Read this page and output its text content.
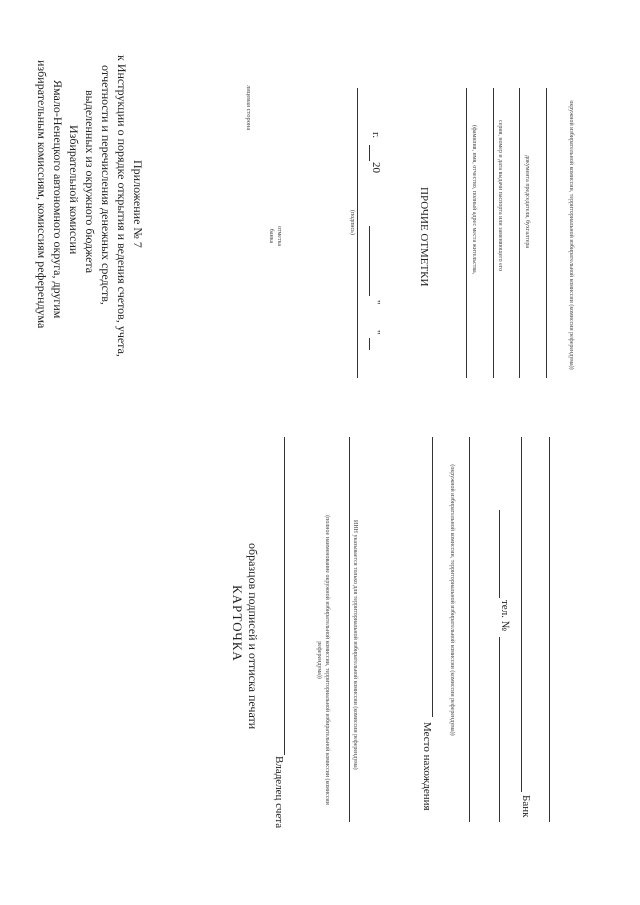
Приложение № 7
к Инструкции о порядке открытия и ведения счетов, учета,
отчетности и перечисления денежных средств,
выделенных из окружного бюджета
Избирательной комиссии
Ямало-Ненецкого автономного округа, другим
избирательным комиссиям, комиссиям референдума	лицевая сторона
отметка банка
"
"
20
г.
(подпись)	ПРОЧИЕ ОТМЕТКИ	(фамилия, имя, отчество, полный адрес места жительства,	серия, номер и дата выдачи паспорта или заменяющего его	документа председателя, бухгалтера	окружной избирательной комиссии, территориальной избирательной комиссии (комиссии референдума))
КАРТОЧКА образцов подписей и оттиска печати
Владелец счета	(полное наименование окружной избирательной комиссии, территориальной избирательной комиссии (комиссии референдума))	ИНН указывается только для территориальной избирательной комиссии (комиссии референдума)	Место нахождения
(окружной избирательной комиссии, территориальной избирательной комиссии (комиссии референдума))	тел. №
Банк
